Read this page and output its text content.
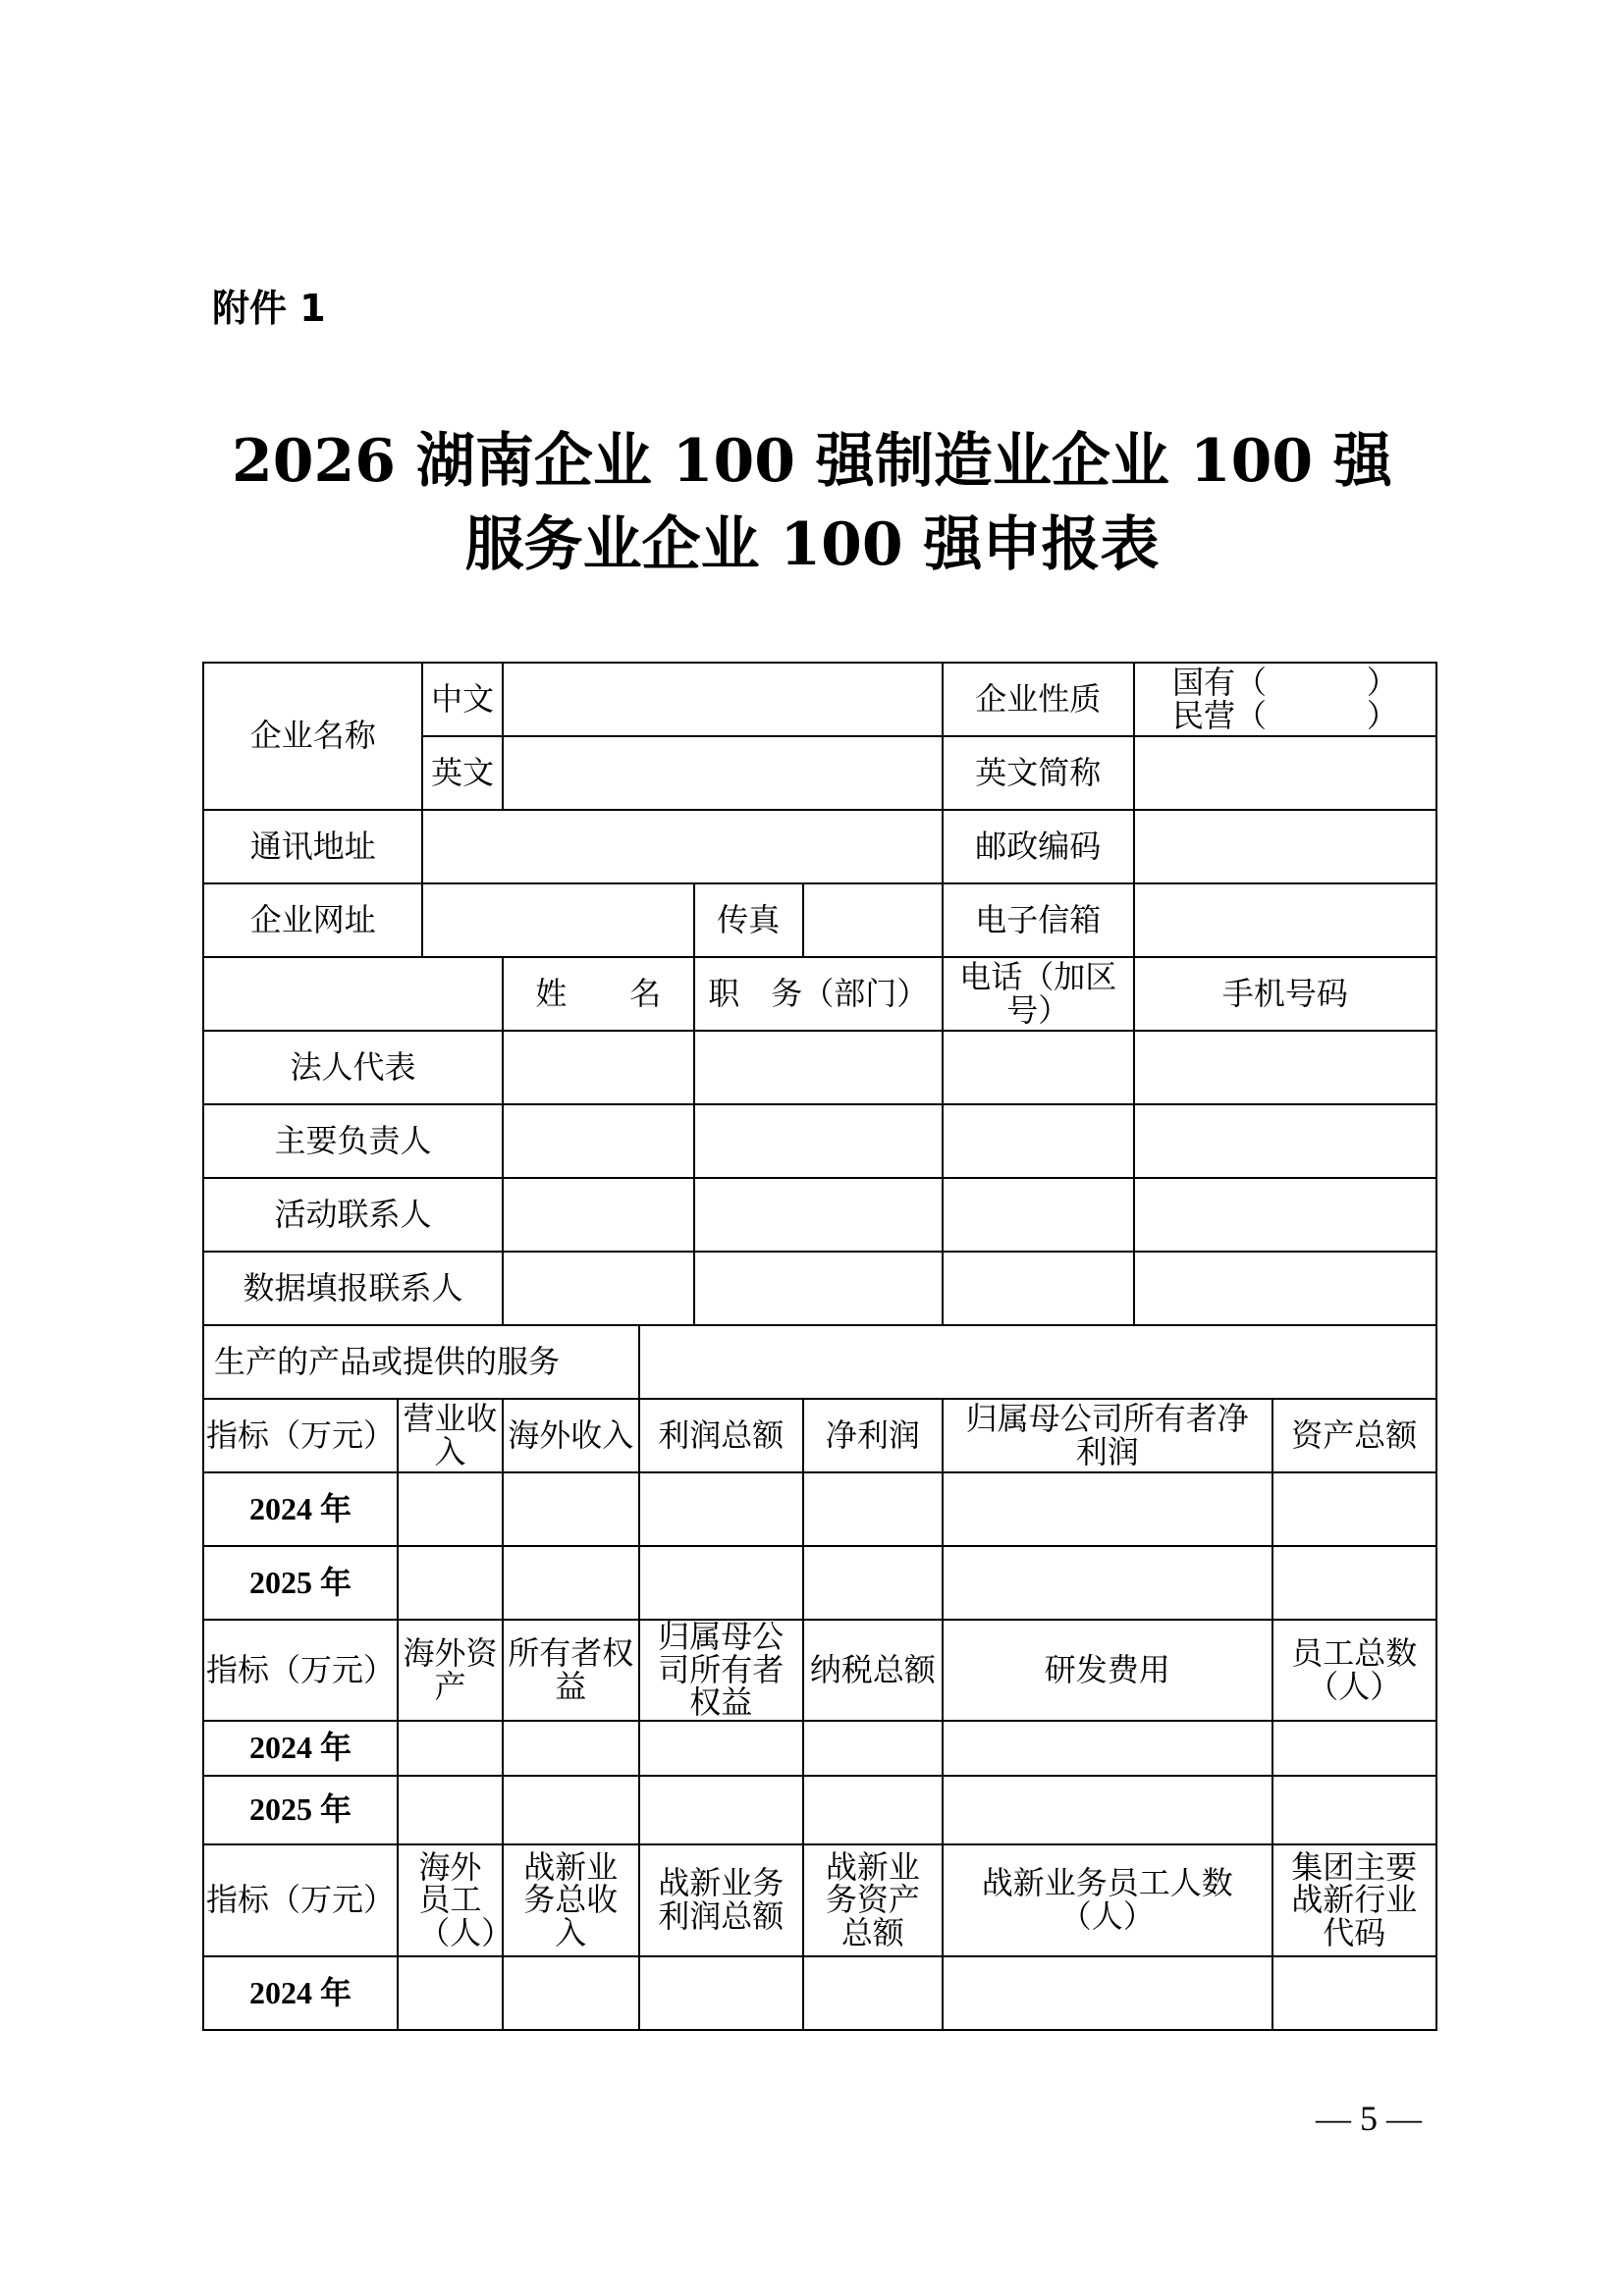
附件 1
2026 湖南企业 100 强制造业企业 100 强
服务业企业 100 强申报表
企业名称		中文					企业性质	国有（          ）
民营（          ）	

		英文					英文简称		
通讯地址							邮政编码		
企业网址					传真		电子信箱		
			姓　　名		职　务（部门）		电话（加区号）	手机号码	
法人代表									
主要负责人									
活动联系人									
数据填报联系人									
生产的产品或提供的服务									
指标（万元）	营业收入		海外收入	利润总额		净利润	归属母公司所有者净利润		资产总额
2024 年									
2025 年									
指标（万元）	海外资产		所有者权益	归属母公司所有者权益		纳税总额	研发费用		员工总数（人）
2024 年									
2025 年									
指标（万元）	海外员工（人）		战新业务总收入	战新业务利润总额		战新业务资产总额	战新业务员工人数（人）		集团主要战新行业代码
2024 年									
— 5 —
